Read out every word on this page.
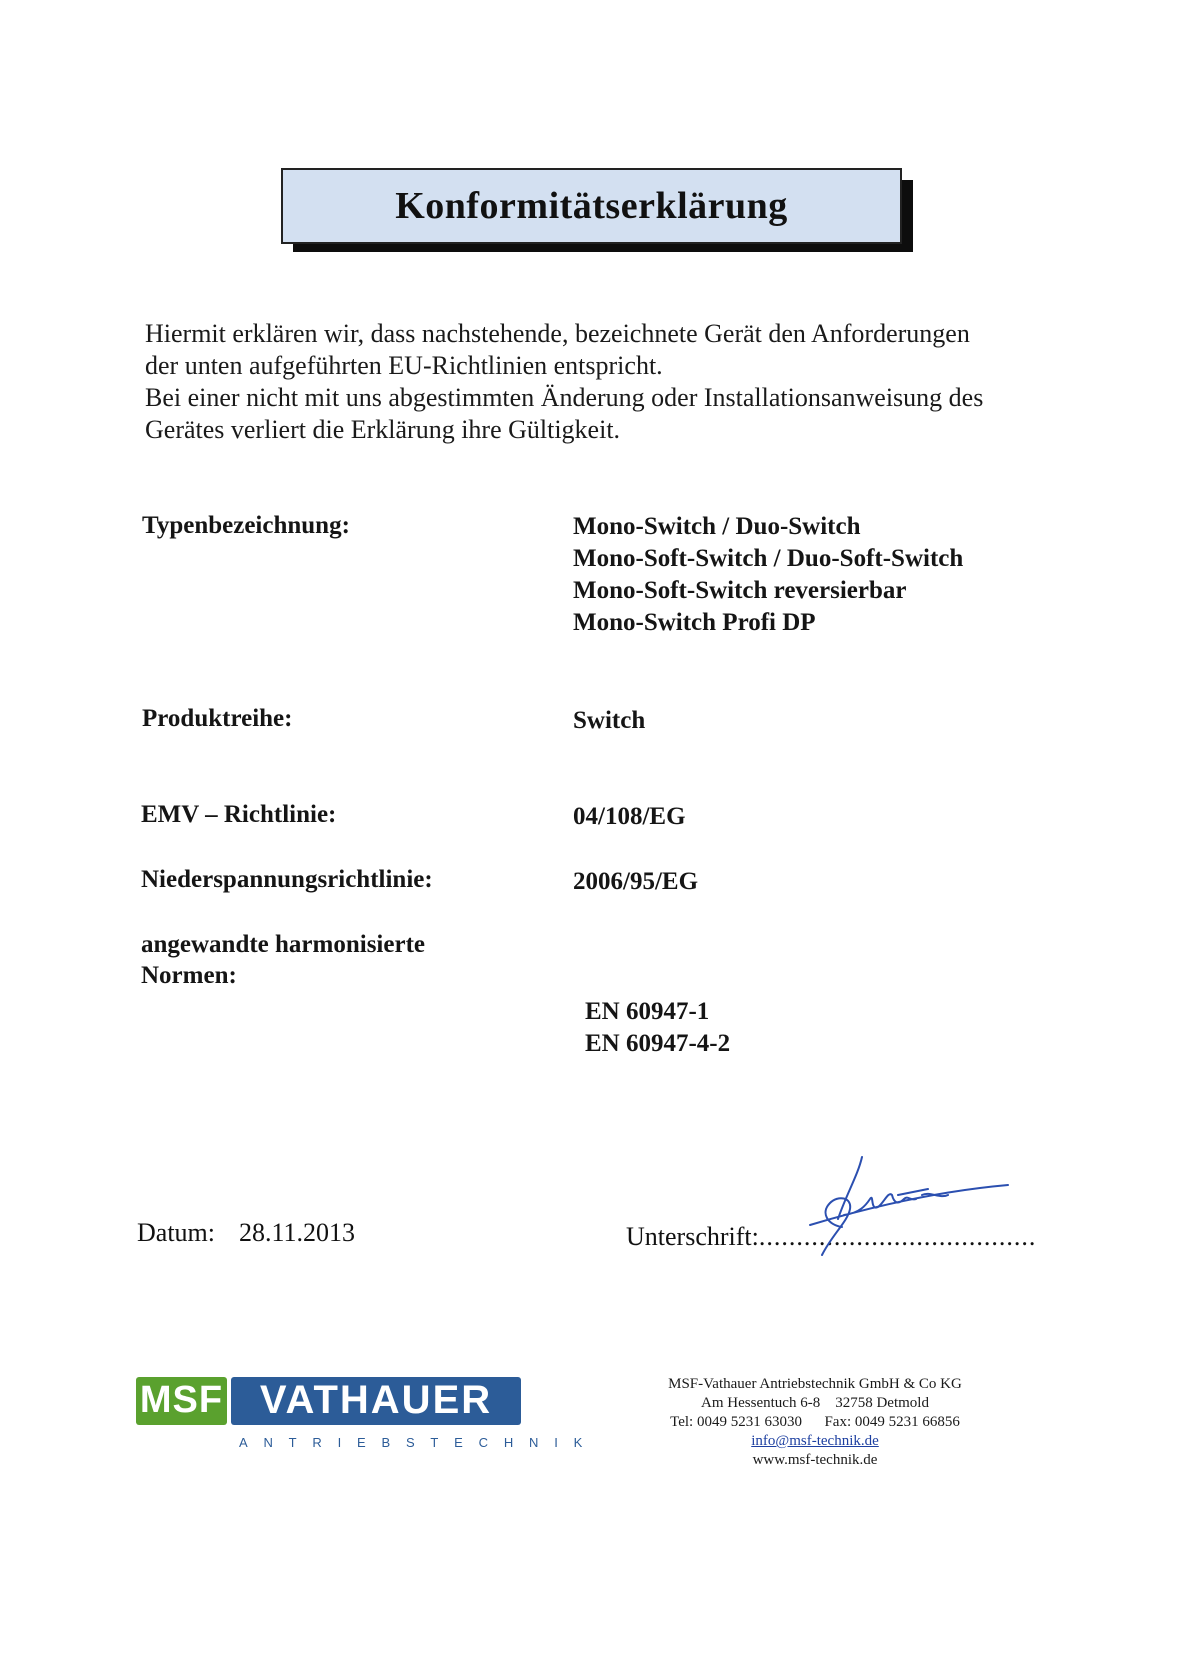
Konformitätserklärung
Hiermit erklären wir, dass nachstehende, bezeichnete Gerät den Anforderungen
der unten aufgeführten EU-Richtlinien entspricht.
Bei einer nicht mit uns abgestimmten Änderung oder Installationsanweisung des
Gerätes verliert die Erklärung ihre Gültigkeit.
Typenbezeichnung:	Mono-Switch / Duo-Switch
Mono-Soft-Switch / Duo-Soft-Switch
Mono-Soft-Switch reversierbar
Mono-Switch Profi DP
Produktreihe:	Switch
EMV – Richtlinie:	04/108/EG
Niederspannungsrichtlinie:	2006/95/EG
angewandte harmonisierte
Normen:
EN 60947-1
EN 60947-4-2
Datum: 28.11.2013	Unterschrift:.....................................
MSF VATHAUER
ANTRIEBSTECHNIK
MSF-Vathauer Antriebstechnik GmbH & Co KG
Am Hessentuch 6-8 32758 Detmold
Tel: 0049 5231 63030 Fax: 0049 5231 66856
info@msf-technik.de
www.msf-technik.de
